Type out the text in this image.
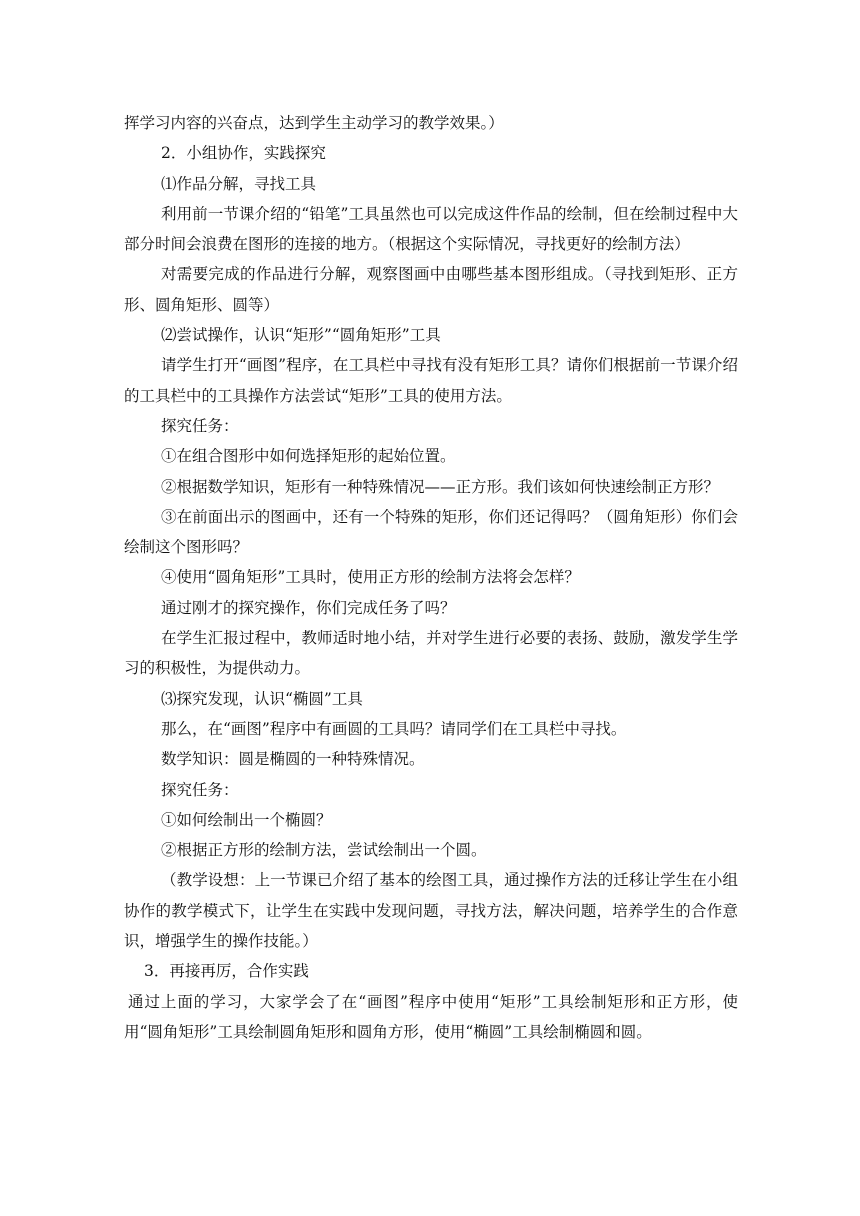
挥学习内容的兴奋点，达到学生主动学习的教学效果。）

2．小组协作，实践探究

⑴作品分解，寻找工具

利用前一节课介绍的“铅笔”工具虽然也可以完成这件作品的绘制，但在绘制过程中大部分时间会浪费在图形的连接的地方。（根据这个实际情况，寻找更好的绘制方法）

对需要完成的作品进行分解，观察图画中由哪些基本图形组成。（寻找到矩形、正方形、圆角矩形、圆等）

⑵尝试操作，认识“矩形”“圆角矩形”工具

请学生打开“画图”程序，在工具栏中寻找有没有矩形工具？请你们根据前一节课介绍的工具栏中的工具操作方法尝试“矩形”工具的使用方法。

探究任务：

①在组合图形中如何选择矩形的起始位置。

②根据数学知识，矩形有一种特殊情况——正方形。我们该如何快速绘制正方形？

③在前面出示的图画中，还有一个特殊的矩形，你们还记得吗？（圆角矩形）你们会绘制这个图形吗？

④使用“圆角矩形”工具时，使用正方形的绘制方法将会怎样？

通过刚才的探究操作，你们完成任务了吗？

在学生汇报过程中，教师适时地小结，并对学生进行必要的表扬、鼓励，激发学生学习的积极性，为提供动力。

⑶探究发现，认识“椭圆”工具

那么，在“画图”程序中有画圆的工具吗？请同学们在工具栏中寻找。

数学知识：圆是椭圆的一种特殊情况。

探究任务：

①如何绘制出一个椭圆？

②根据正方形的绘制方法，尝试绘制出一个圆。

（教学设想：上一节课已介绍了基本的绘图工具，通过操作方法的迁移让学生在小组协作的教学模式下，让学生在实践中发现问题，寻找方法，解决问题，培养学生的合作意识，增强学生的操作技能。）

3．再接再厉，合作实践

通过上面的学习，大家学会了在“画图”程序中使用“矩形”工具绘制矩形和正方形，使用“圆角矩形”工具绘制圆角矩形和圆角方形，使用“椭圆”工具绘制椭圆和圆。
